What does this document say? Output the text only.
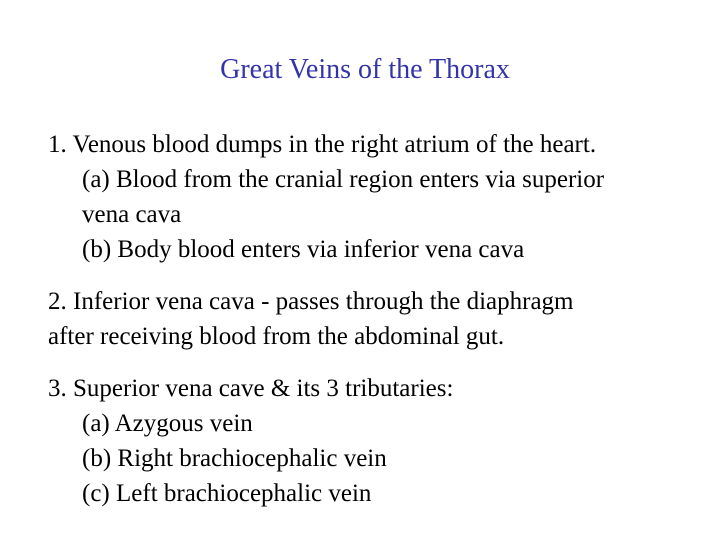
Great Veins of the Thorax
1. Venous blood dumps in the right atrium of the heart.
(a) Blood from the cranial region enters via superior
vena cava
(b) Body blood enters via inferior vena cava
2. Inferior vena cava - passes through the diaphragm
after receiving blood from the abdominal gut.
3. Superior vena cave & its 3 tributaries:
(a) Azygous vein
(b) Right brachiocephalic vein
(c) Left brachiocephalic vein
